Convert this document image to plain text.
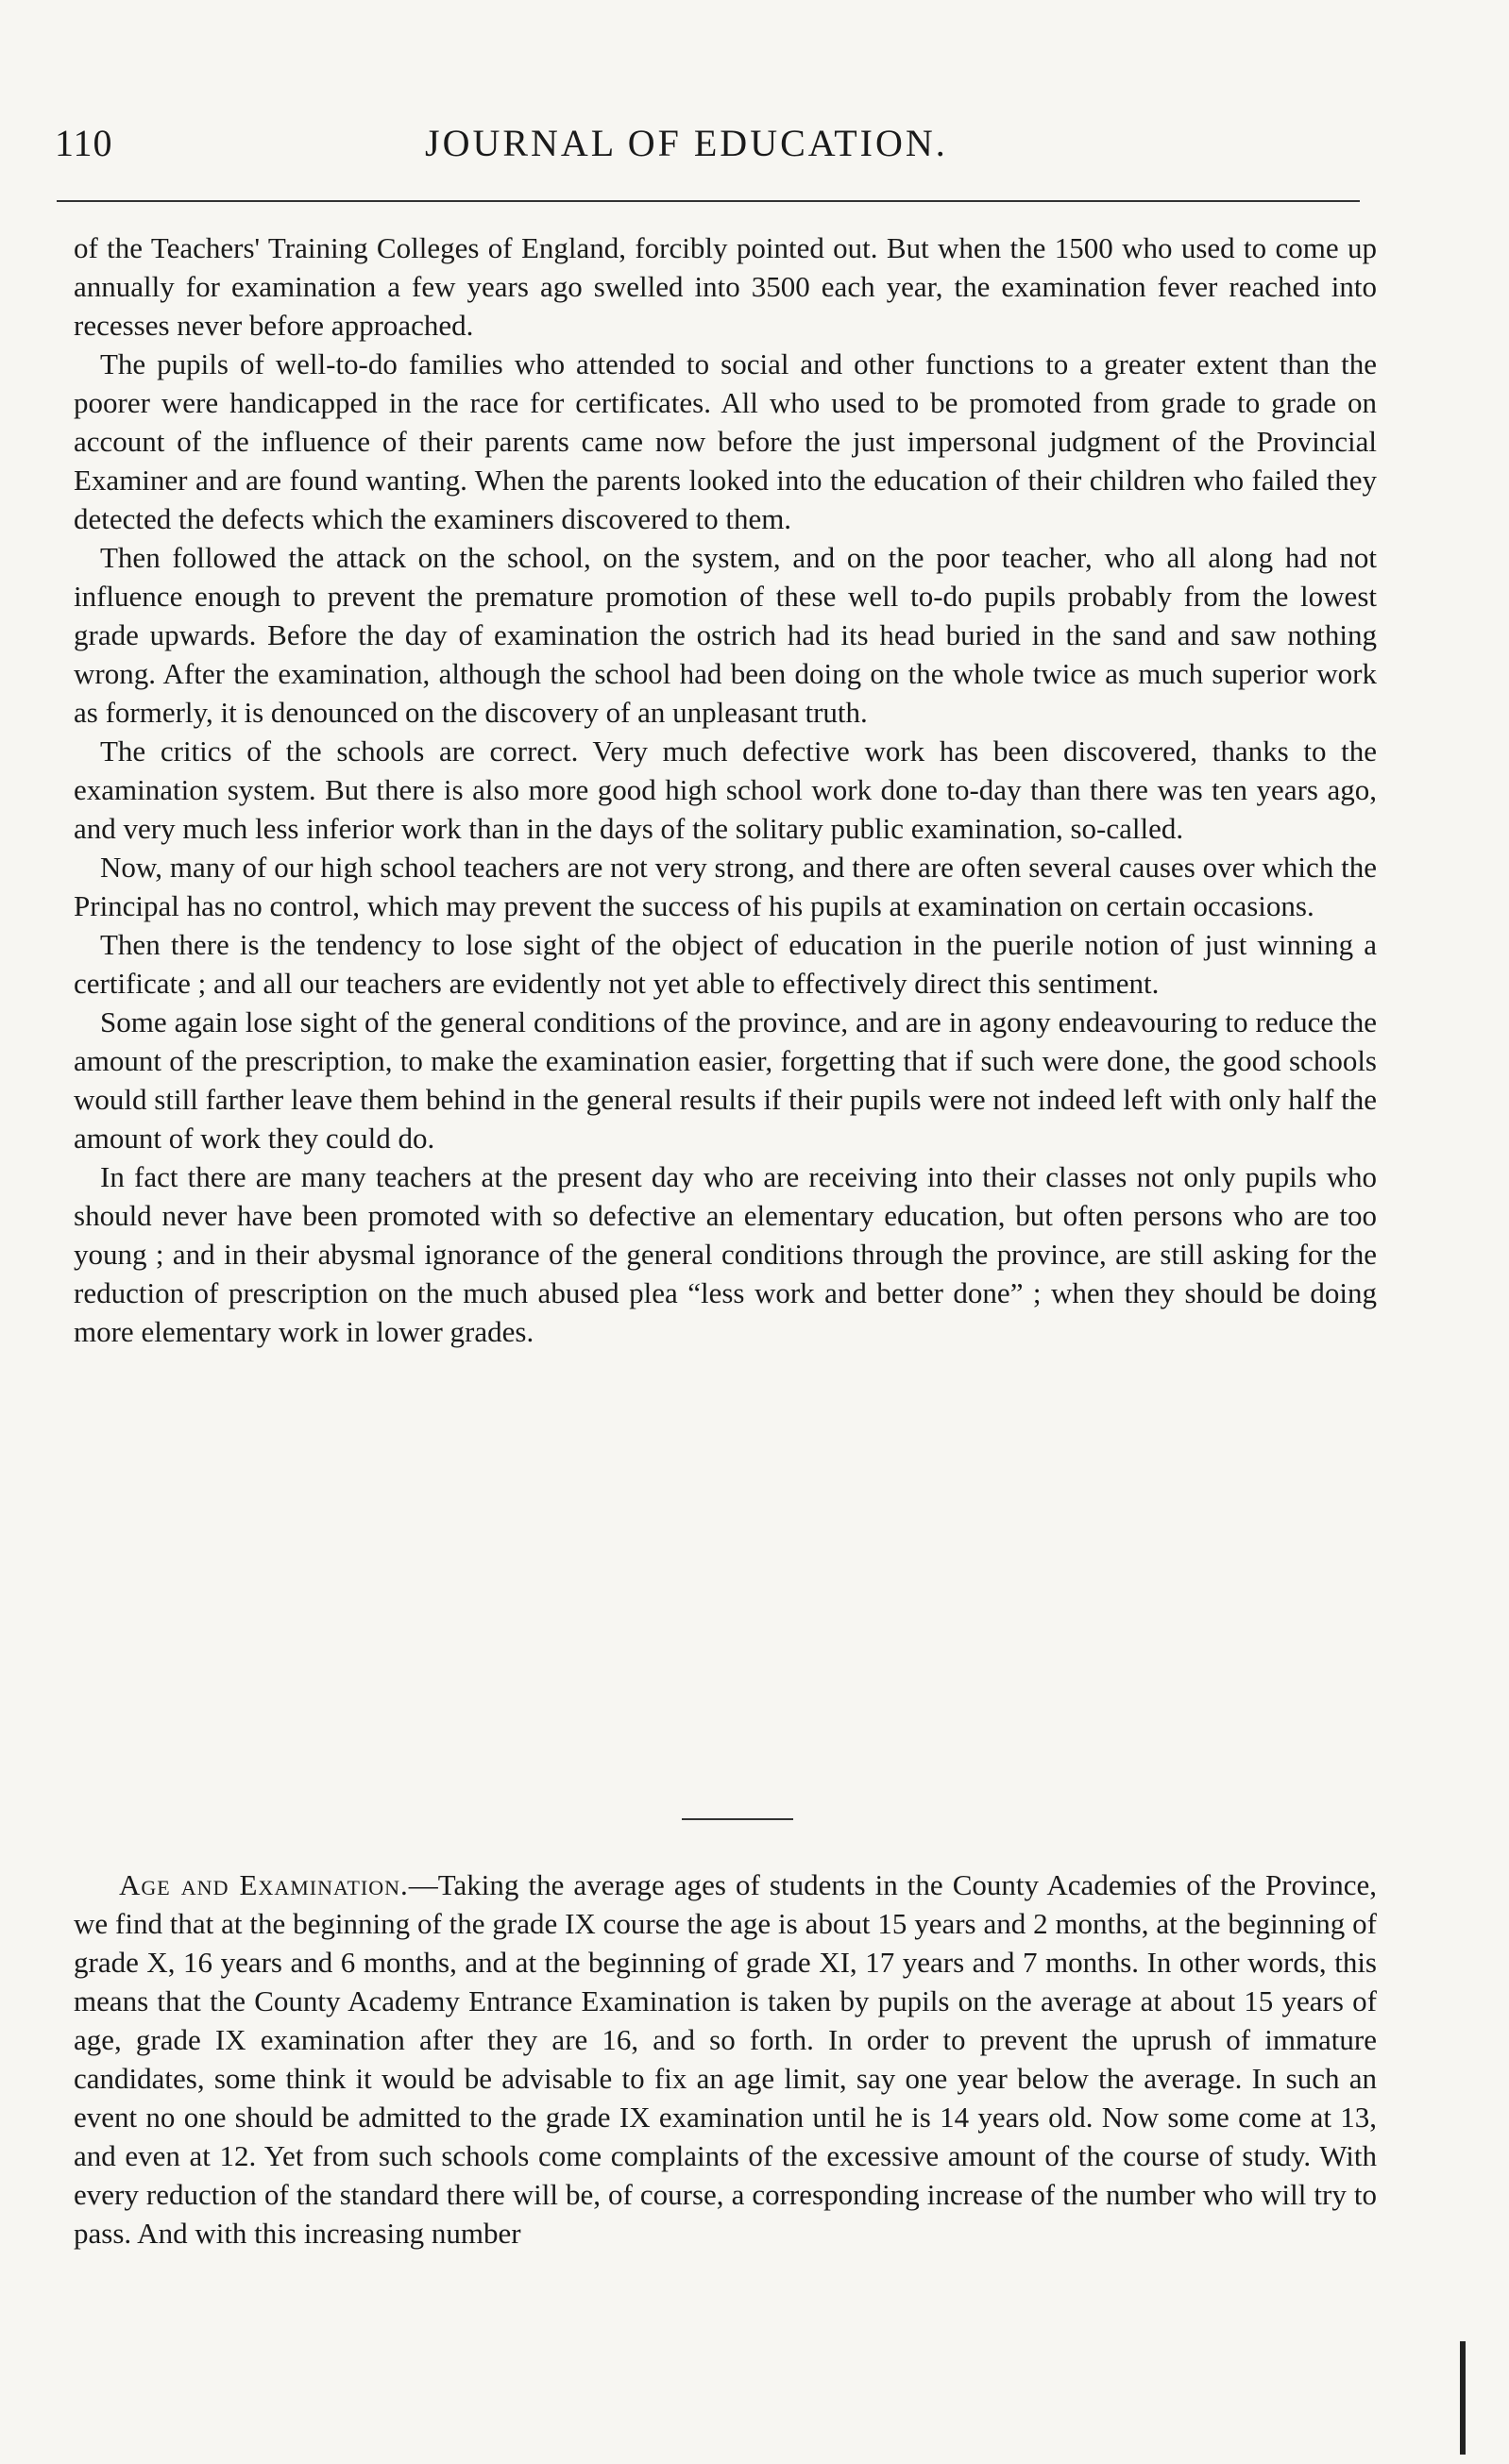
110	JOURNAL OF EDUCATION.

of the Teachers' Training Colleges of England, forcibly pointed out. But when the 1500 who used to come up annually for examination a few years ago swelled into 3500 each year, the examination fever reached into recesses never before approached.

The pupils of well-to-do families who attended to social and other functions to a greater extent than the poorer were handicapped in the race for certificates. All who used to be promoted from grade to grade on account of the influence of their parents came now before the just impersonal judgment of the Provincial Examiner and are found wanting. When the parents looked into the education of their children who failed they detected the defects which the examiners discovered to them.

Then followed the attack on the school, on the system, and on the poor teacher, who all along had not influence enough to prevent the premature promotion of these well to-do pupils probably from the lowest grade upwards. Before the day of examination the ostrich had its head buried in the sand and saw nothing wrong. After the examination, although the school had been doing on the whole twice as much superior work as formerly, it is denounced on the discovery of an unpleasant truth.

The critics of the schools are correct. Very much defective work has been discovered, thanks to the examination system. But there is also more good high school work done to-day than there was ten years ago, and very much less inferior work than in the days of the solitary public examination, so-called.

Now, many of our high school teachers are not very strong, and there are often several causes over which the Principal has no control, which may prevent the success of his pupils at examination on certain occasions.

Then there is the tendency to lose sight of the object of education in the puerile notion of just winning a certificate ; and all our teachers are evidently not yet able to effectively direct this sentiment.

Some again lose sight of the general conditions of the province, and are in agony endeavouring to reduce the amount of the prescription, to make the examination easier, forgetting that if such were done, the good schools would still farther leave them behind in the general results if their pupils were not indeed left with only half the amount of work they could do.

In fact there are many teachers at the present day who are receiving into their classes not only pupils who should never have been promoted with so defective an elementary education, but often persons who are too young ; and in their abysmal ignorance of the general conditions through the province, are still asking for the reduction of prescription on the much abused plea “less work and better done” ; when they should be doing more elementary work in lower grades.

Age and Examination.—Taking the average ages of students in the County Academies of the Province, we find that at the beginning of the grade IX course the age is about 15 years and 2 months, at the beginning of grade X, 16 years and 6 months, and at the beginning of grade XI, 17 years and 7 months. In other words, this means that the County Academy Entrance Examination is taken by pupils on the average at about 15 years of age, grade IX examination after they are 16, and so forth. In order to prevent the uprush of immature candidates, some think it would be advisable to fix an age limit, say one year below the average. In such an event no one should be admitted to the grade IX examination until he is 14 years old. Now some come at 13, and even at 12. Yet from such schools come complaints of the excessive amount of the course of study. With every reduction of the standard there will be, of course, a corresponding increase of the number who will try to pass. And with this increasing number
